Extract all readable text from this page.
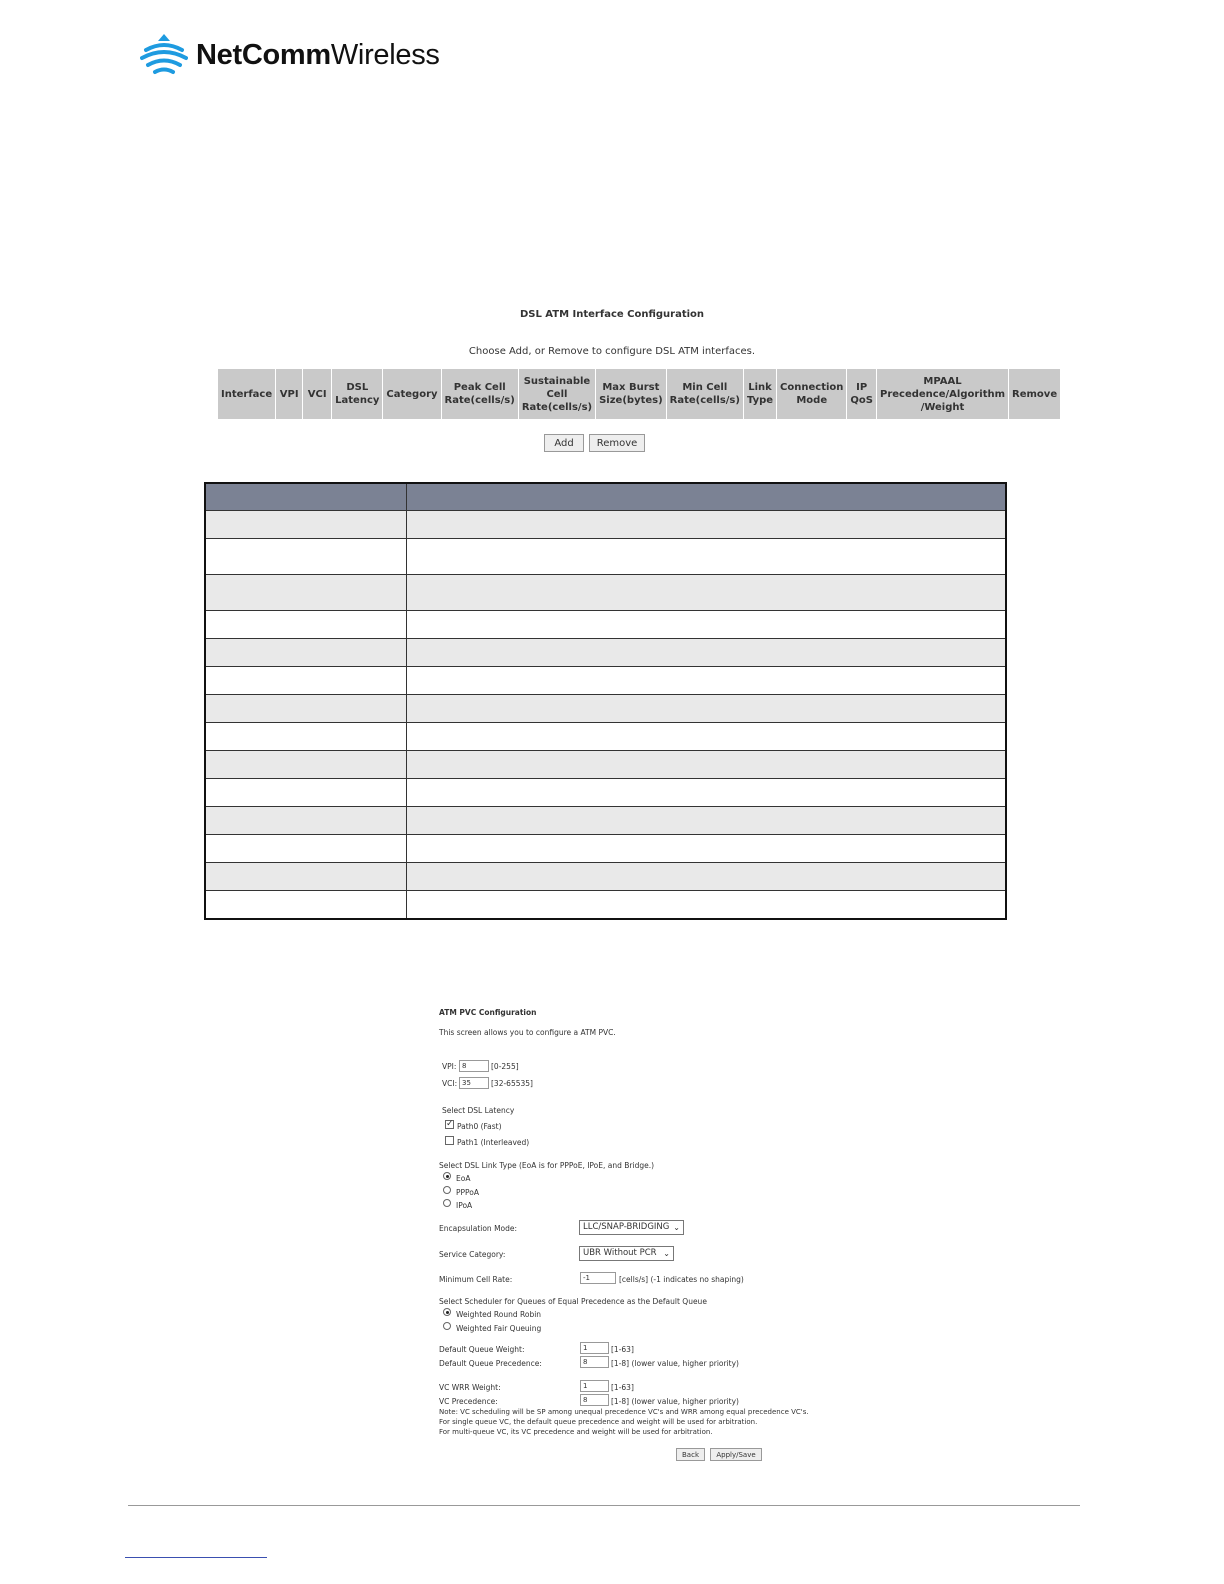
NetCommWireless
DSL ATM Interface Configuration
Choose Add, or Remove to configure DSL ATM interfaces.
Interface	VPI	VCI	DSL Latency	Category	Peak Cell Rate(cells/s)	Sustainable Cell Rate(cells/s)	Max Burst Size(bytes)	Min Cell Rate(cells/s)	Link Type	Connection Mode	IP QoS	MPAAL Precedence/Algorithm /Weight	Remove
Add	Remove

ATM PVC Configuration
This screen allows you to configure a ATM PVC.
VPI: 8	[0-255]
VCI: 35	[32-65535]
Select DSL Latency
✓ Path0 (Fast)
Path1 (Interleaved)
Select DSL Link Type (EoA is for PPPoE, IPoE, and Bridge.)
EoA
PPPoA
IPoA
Encapsulation Mode:	LLC/SNAP-BRIDGING ⌄
Service Category:	UBR Without PCR ⌄
Minimum Cell Rate:	-1	[cells/s] (-1 indicates no shaping)
Select Scheduler for Queues of Equal Precedence as the Default Queue
Weighted Round Robin
Weighted Fair Queuing
Default Queue Weight:	1	[1-63]
Default Queue Precedence:	8	[1-8] (lower value, higher priority)
VC WRR Weight:	1	[1-63]
VC Precedence:	8	[1-8] (lower value, higher priority)
Note: VC scheduling will be SP among unequal precedence VC's and WRR among equal precedence VC's.
For single queue VC, the default queue precedence and weight will be used for arbitration.
For multi-queue VC, its VC precedence and weight will be used for arbitration.
Back	Apply/Save
